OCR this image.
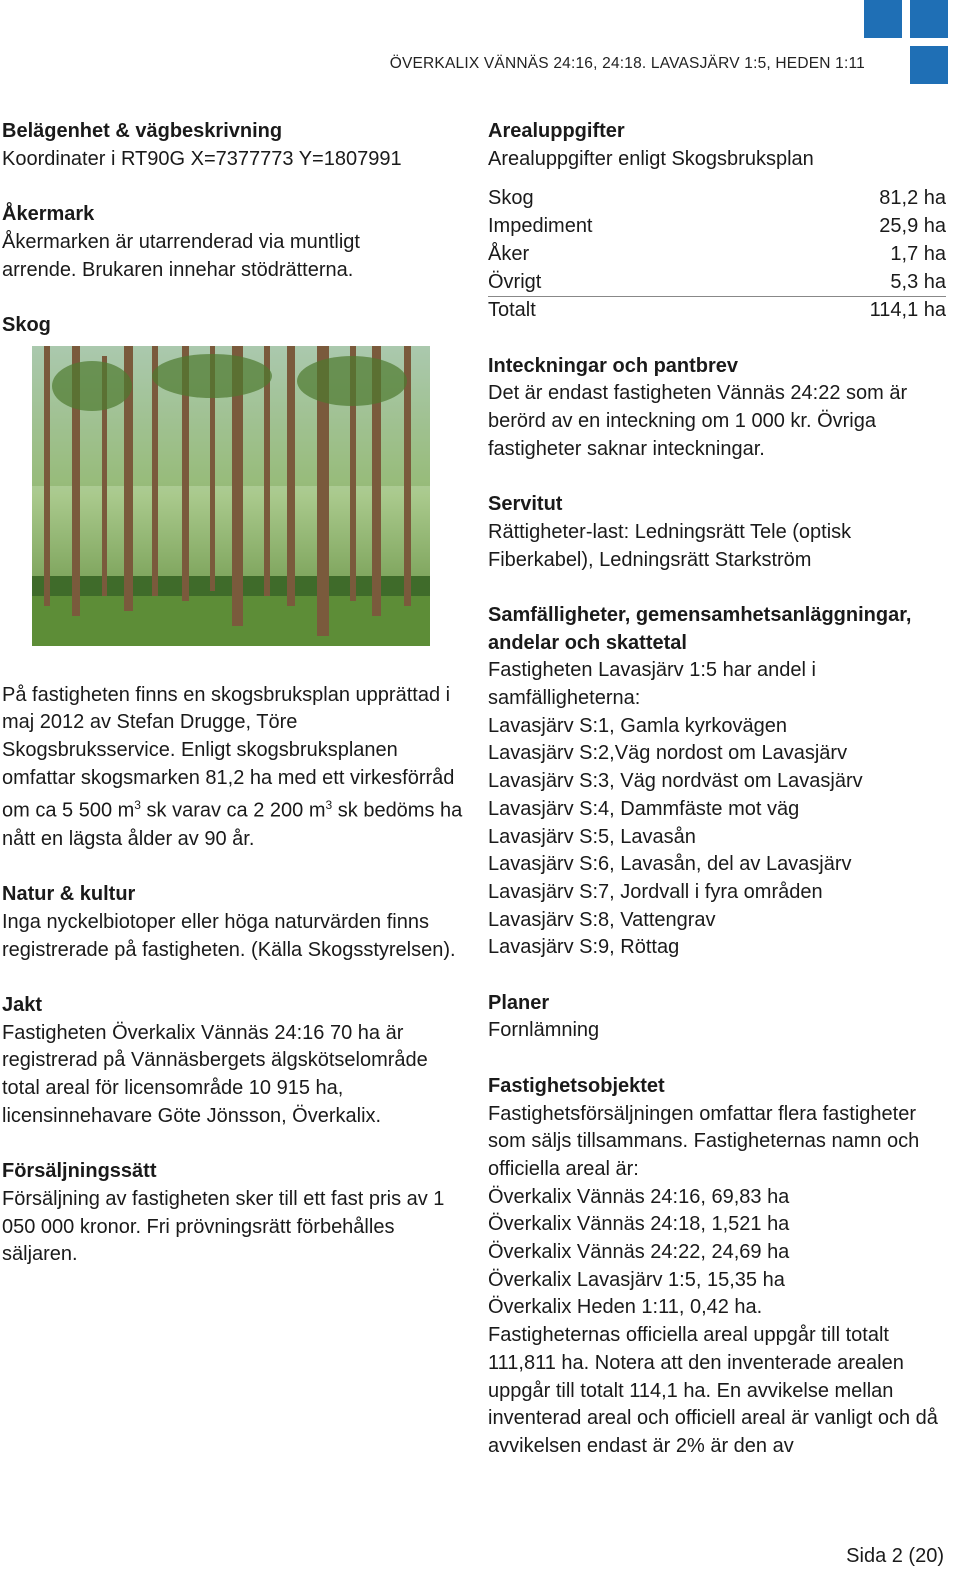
ÖVERKALIX VÄNNÄS 24:16, 24:18. LAVASJÄRV 1:5, HEDEN 1:11

Belägenhet & vägbeskrivning

Koordinater i RT90G X=7377773 Y=1807991

Åkermark

Åkermarken är utarrenderad via muntligt arrende. Brukaren innehar stödrätterna.

Skog

På fastigheten finns en skogsbruksplan upprättad i maj 2012 av Stefan Drugge, Töre Skogsbruksservice. Enligt skogsbruksplanen omfattar skogsmarken 81,2 ha med ett virkesförråd om ca 5 500 $m^3$ sk varav ca 2 200 $m^3$ sk bedöms ha nått en lägsta ålder av 90 år.

Natur & kultur

Inga nyckelbiotoper eller höga naturvärden finns registrerade på fastigheten. (Källa Skogsstyrelsen).

Jakt

Fastigheten Överkalix Vännäs 24:16 70 ha är registrerad på Vännäsbergets älgskötselområde total areal för licensområde 10 915 ha, licensinnehavare Göte Jönsson, Överkalix.

Försäljningssätt

Försäljning av fastigheten sker till ett fast pris av 1 050 000 kronor. Fri prövningsrätt förbehålles säljaren.

Arealuppgifter

Arealuppgifter enligt Skogsbruksplan

Skog	81,2 ha
Impediment	25,9 ha
Åker	1,7 ha
Övrigt	5,3 ha
Totalt	114,1 ha

Inteckningar och pantbrev

Det är endast fastigheten Vännäs 24:22 som är berörd av en inteckning om 1 000 kr. Övriga fastigheter saknar inteckningar.

Servitut

Rättigheter-last: Ledningsrätt Tele (optisk Fiberkabel), Ledningsrätt Starkström

Samfälligheter, gemensamhetsanläggningar, andelar och skattetal

Fastigheten Lavasjärv 1:5 har andel i samfälligheterna:

Lavasjärv S:1, Gamla kyrkovägen

Lavasjärv S:2,Väg nordost om Lavasjärv

Lavasjärv S:3, Väg nordväst om Lavasjärv

Lavasjärv S:4, Dammfäste mot väg

Lavasjärv S:5, Lavasån

Lavasjärv S:6, Lavasån, del av Lavasjärv

Lavasjärv S:7, Jordvall i fyra områden

Lavasjärv S:8, Vattengrav

Lavasjärv S:9, Röttag

Planer

Fornlämning

Fastighetsobjektet

Fastighetsförsäljningen omfattar flera fastigheter som säljs tillsammans. Fastigheternas namn och officiella areal är:

Överkalix Vännäs 24:16, 69,83 ha

Överkalix Vännäs 24:18, 1,521 ha

Överkalix Vännäs 24:22, 24,69 ha

Överkalix Lavasjärv 1:5, 15,35 ha

Överkalix Heden 1:11, 0,42 ha.

Fastigheternas officiella areal uppgår till totalt 111,811 ha. Notera att den inventerade arealen uppgår till totalt 114,1 ha. En avvikelse mellan inventerad areal och officiell areal är vanligt och då avvikelsen endast är 2% är den av

Sida 2 (20)
